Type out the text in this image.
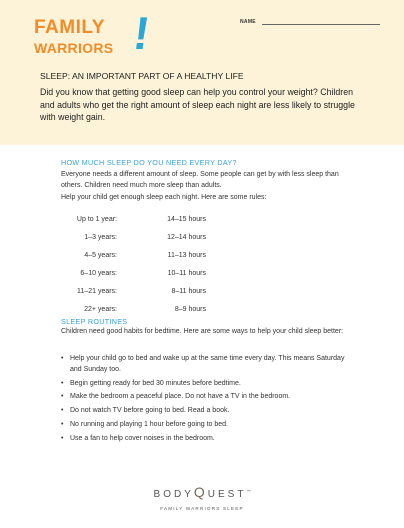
FAMILY
WARRIORS !	NAME
SLEEP: AN IMPORTANT PART OF A HEALTHY LIFE
Did you know that getting good sleep can help you control your weight? Children and adults who get the right amount of sleep each night are less likely to struggle with weight gain.
HOW MUCH SLEEP DO YOU NEED EVERY DAY?
Everyone needs a different amount of sleep. Some people can get by with less sleep than others. Children need much more sleep than adults.
Help your child get enough sleep each night. Here are some rules:
Up to 1 year:	14–15 hours
1–3 years:	12–14 hours
4–5 years:	11–13 hours
6–10 years:	10–11 hours
11–21 years:	8–11 hours
22+ years:	8–9 hours
SLEEP ROUTINES
Children need good habits for bedtime. Here are some ways to help your child sleep better:
• Help your child go to bed and wake up at the same time every day. This means Saturday and Sunday too.
• Begin getting ready for bed 30 minutes before bedtime.
• Make the bedroom a peaceful place. Do not have a TV in the bedroom.
• Do not watch TV before going to bed. Read a book.
• No running and playing 1 hour before going to bed.
• Use a fan to help cover noises in the bedroom.
BODYQUEST™
FAMILY WARRIORS SLEEP
